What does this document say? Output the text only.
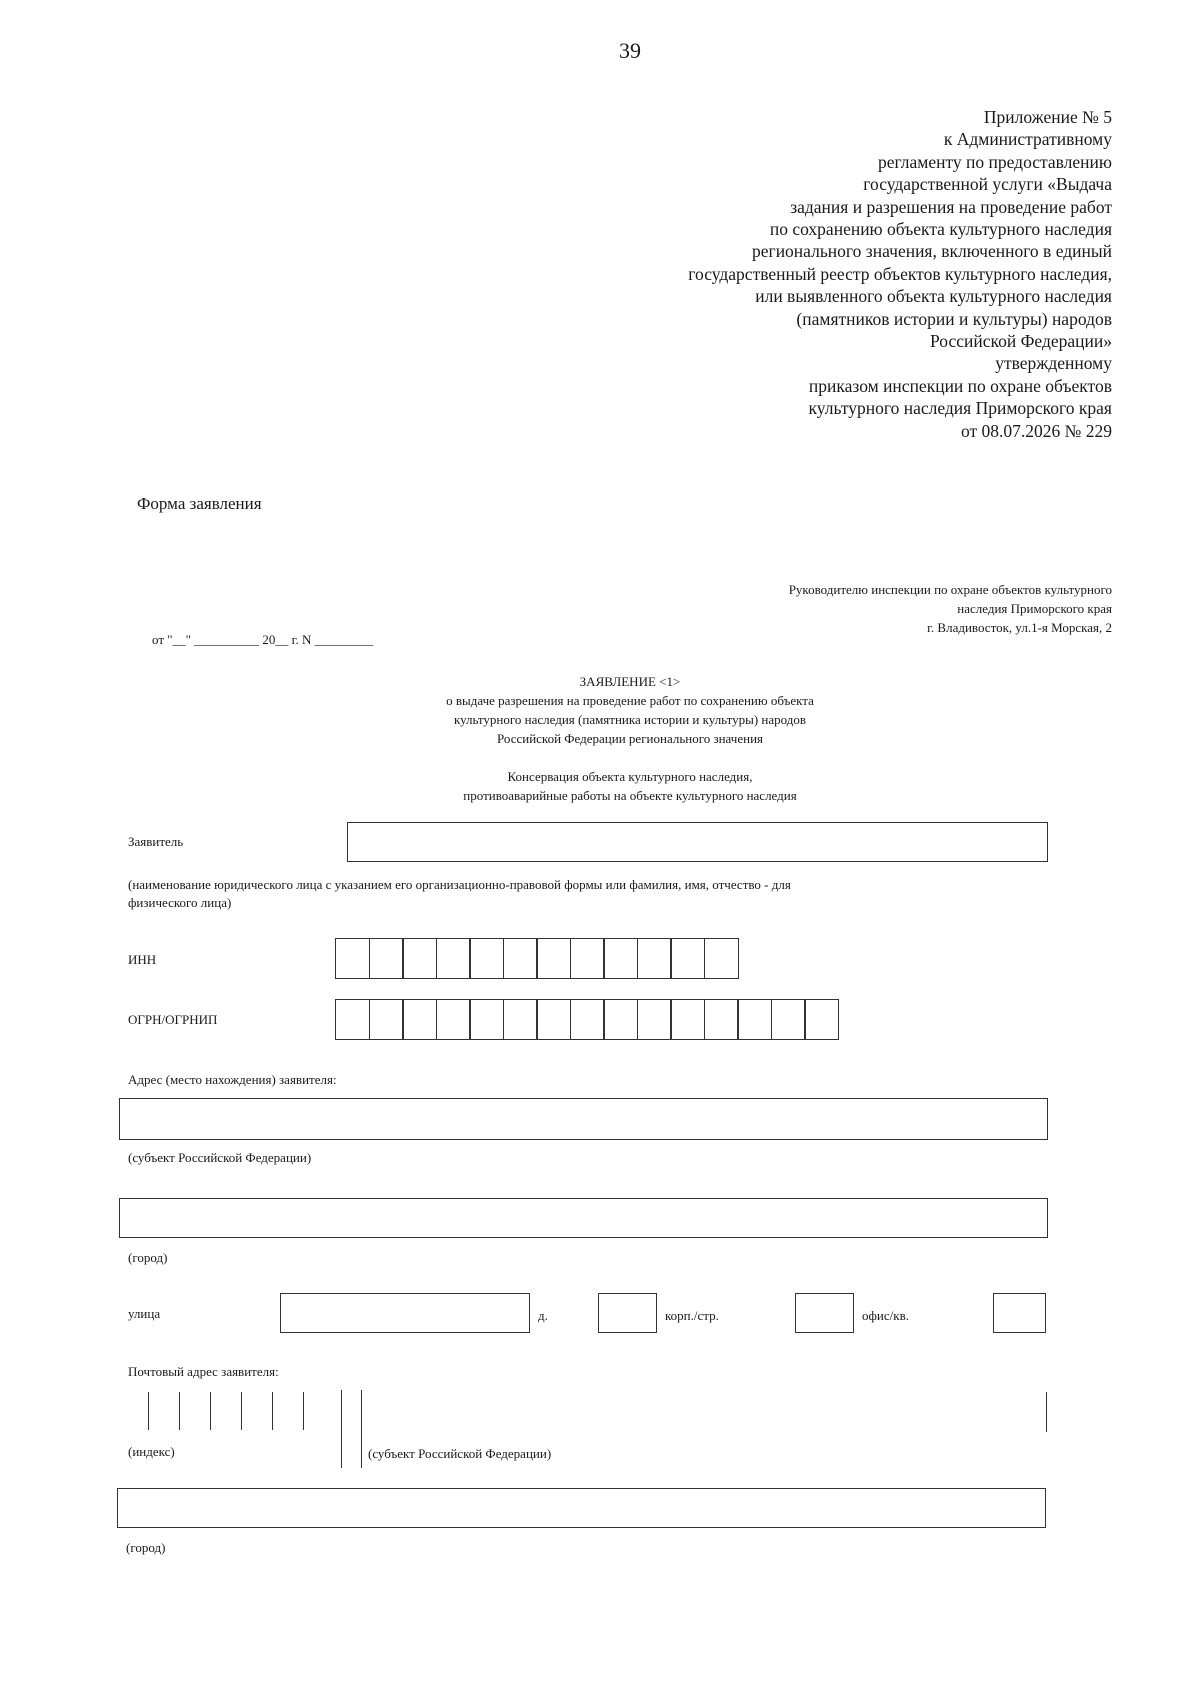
39
Приложение № 5
к Административному
регламенту по предоставлению
государственной услуги «Выдача
задания и разрешения на проведение работ
по сохранению объекта культурного наследия
регионального значения, включенного в единый
государственный реестр объектов культурного наследия,
или выявленного объекта культурного наследия
(памятников истории и культуры) народов
Российской Федерации»
утвержденному
приказом инспекции по охране объектов
культурного наследия Приморского края
от 08.07.2026 № 229
Форма заявления
Руководителю инспекции по охране объектов культурного
наследия Приморского края
г. Владивосток, ул.1-я Морская, 2
от "__" __________ 20__ г. N _________
ЗАЯВЛЕНИЕ <1>
о выдаче разрешения на проведение работ по сохранению объекта
культурного наследия (памятника истории и культуры) народов
Российской Федерации регионального значения
Консервация объекта культурного наследия,
противоаварийные работы на объекте культурного наследия
Заявитель
(наименование юридического лица с указанием его организационно-правовой формы или фамилия, имя, отчество - для
физического лица)
ИНН
ОГРН/ОГРНИП
Адрес (место нахождения) заявителя:
(субъект Российской Федерации)
(город)
улица	д.	корп./стр.	офис/кв.
Почтовый адрес заявителя:
(индекс)	(субъект Российской Федерации)
(город)
